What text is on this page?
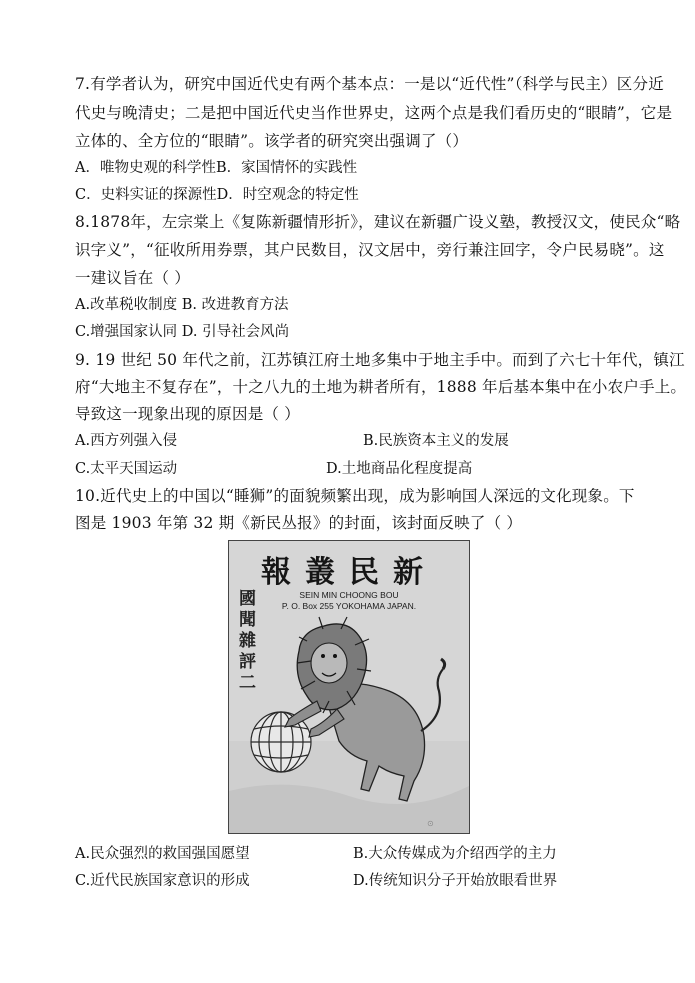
7.有学者认为，研究中国近代史有两个基本点：一是以“近代性”（科学与民主）区分近
代史与晚清史；二是把中国近代史当作世界史，这两个点是我们看历史的“眼睛”，它是
立体的、全方位的“眼睛”。该学者的研究突出强调了（）
A．唯物史观的科学性B．家国情怀的实践性
C．史料实证的探源性D．时空观念的特定性
8.1878年，左宗棠上《复陈新疆情形折》，建议在新疆广设义塾，教授汉文，使民众“略
识字义”，“征收所用券票，其户民数目，汉文居中，旁行兼注回字，令户民易晓”。这
一建议旨在（ ）
A.改革税收制度 B. 改进教育方法
C.增强国家认同 D. 引导社会风尚
9. 19 世纪 50 年代之前，江苏镇江府土地多集中于地主手中。而到了六七十年代，镇江
府“大地主不复存在”，十之八九的土地为耕者所有，1888 年后基本集中在小农户手上。
导致这一现象出现的原因是（ ）
A.西方列强入侵	B.民族资本主义的发展
C.太平天国运动	D.土地商品化程度提高
10.近代史上的中国以“睡狮”的面貌频繁出现，成为影响国人深远的文化现象。下
图是 1903 年第 32 期《新民丛报》的封面，该封面反映了（ ）
⊙
報叢民新
SEIN MIN CHOONG BOU
P. O. Box 255 YOKOHAMA JAPAN.
國
聞
雜
評
二
A.民众强烈的救国强国愿望	B.大众传媒成为介绍西学的主力
C.近代民族国家意识的形成	D.传统知识分子开始放眼看世界
